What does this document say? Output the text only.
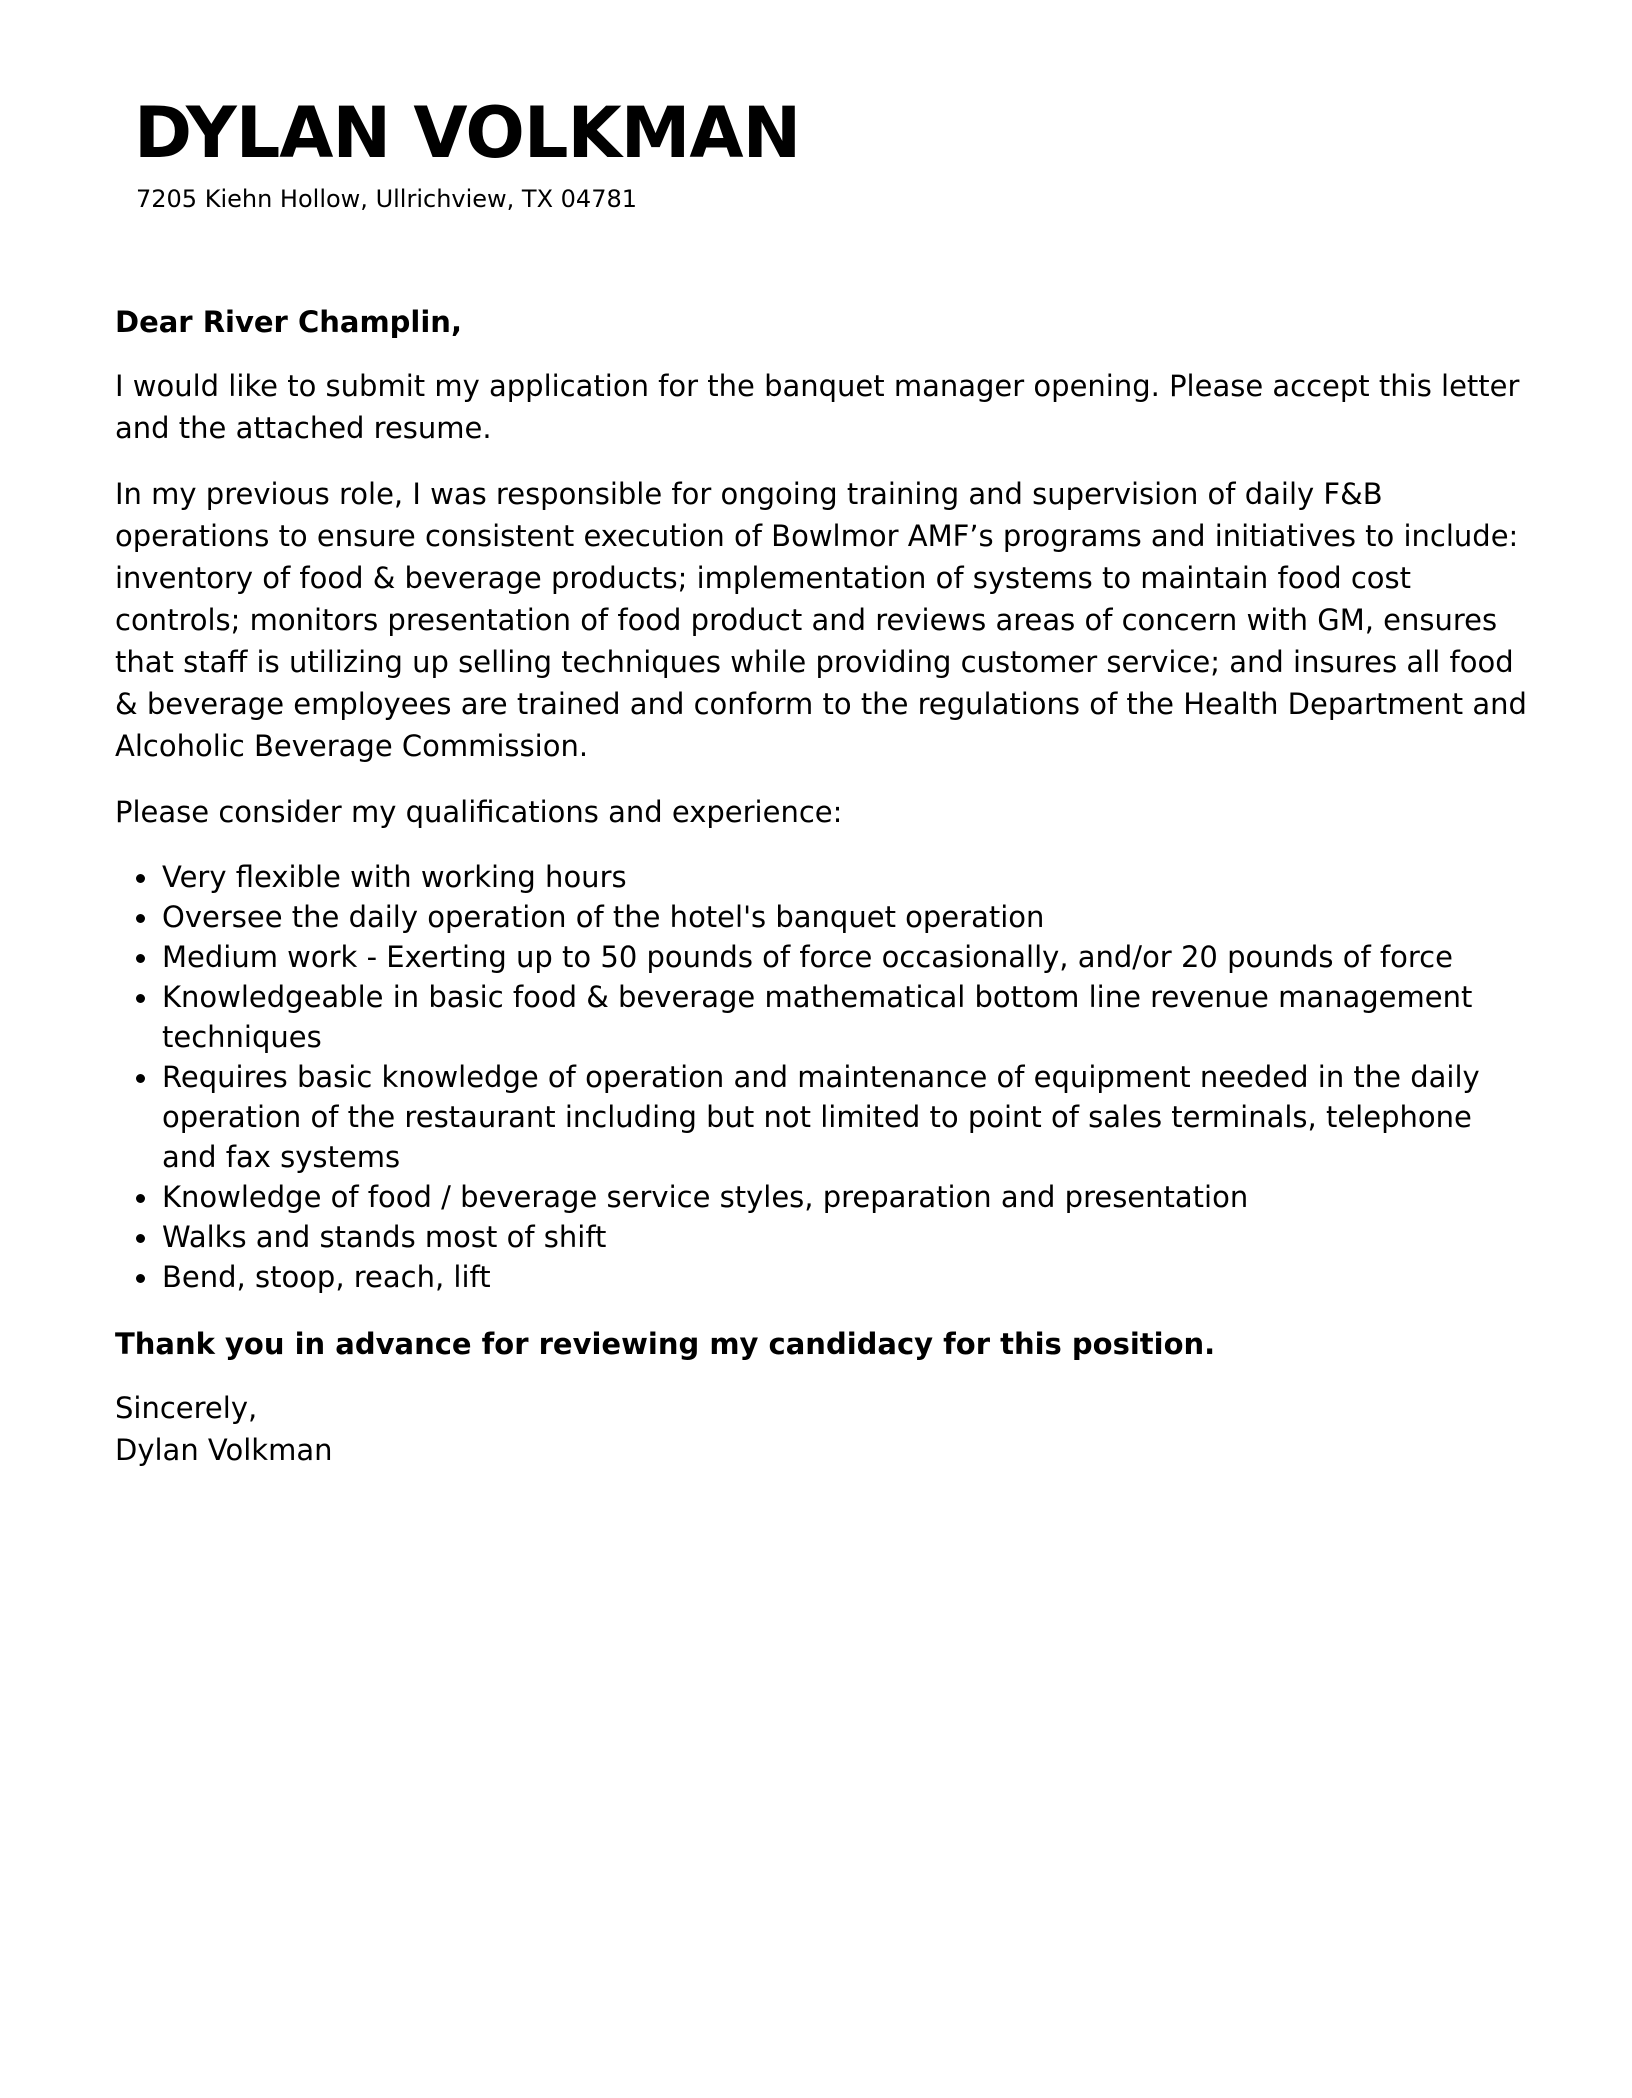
DYLAN VOLKMAN
7205 Kiehn Hollow, Ullrichview, TX 04781

Dear River Champlin,

I would like to submit my application for the banquet manager opening. Please accept this letter and the attached resume.

In my previous role, I was responsible for ongoing training and supervision of daily F&B operations to ensure consistent execution of Bowlmor AMF’s programs and initiatives to include: inventory of food & beverage products; implementation of systems to maintain food cost controls; monitors presentation of food product and reviews areas of concern with GM, ensures that staff is utilizing up selling techniques while providing customer service; and insures all food & beverage employees are trained and conform to the regulations of the Health Department and Alcoholic Beverage Commission.

Please consider my qualifications and experience:

Very flexible with working hours
Oversee the daily operation of the hotel's banquet operation
Medium work - Exerting up to 50 pounds of force occasionally, and/or 20 pounds of force
Knowledgeable in basic food & beverage mathematical bottom line revenue management techniques
Requires basic knowledge of operation and maintenance of equipment needed in the daily operation of the restaurant including but not limited to point of sales terminals, telephone and fax systems
Knowledge of food / beverage service styles, preparation and presentation
Walks and stands most of shift
Bend, stoop, reach, lift

Thank you in advance for reviewing my candidacy for this position.

Sincerely,
Dylan Volkman
